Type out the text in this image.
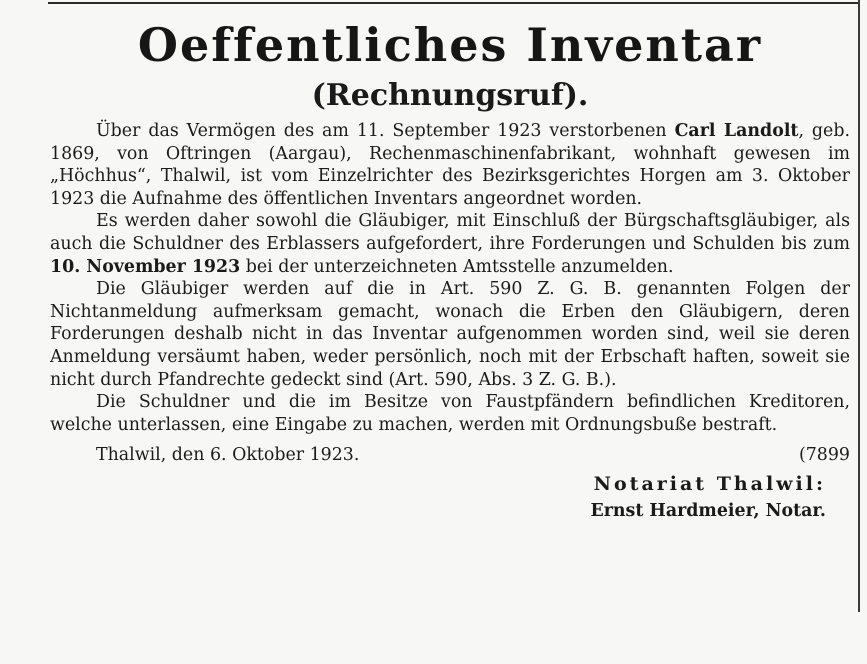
Oeffentliches Inventar
(Rechnungsruf).

Über das Vermögen des am 11. September 1923 verstorbenen Carl Landolt, geb. 1869, von Oftringen (Aargau), Rechenmaschinenfabrikant, wohnhaft gewesen im „Höchhus“, Thalwil, ist vom Einzelrichter des Bezirksgerichtes Horgen am 3. Oktober 1923 die Aufnahme des öffentlichen Inventars angeordnet worden.

Es werden daher sowohl die Gläubiger, mit Einschluß der Bürgschaftsgläubiger, als auch die Schuldner des Erblassers aufgefordert, ihre Forderungen und Schulden bis zum 10. November 1923 bei der unterzeichneten Amtsstelle anzumelden.

Die Gläubiger werden auf die in Art. 590 Z. G. B. genannten Folgen der Nichtanmeldung aufmerksam gemacht, wonach die Erben den Gläubigern, deren Forderungen deshalb nicht in das Inventar aufgenommen worden sind, weil sie deren Anmeldung versäumt haben, weder persönlich, noch mit der Erbschaft haften, soweit sie nicht durch Pfandrechte gedeckt sind (Art. 590, Abs. 3 Z. G. B.).

Die Schuldner und die im Besitze von Faustpfändern befindlichen Kreditoren, welche unterlassen, eine Eingabe zu machen, werden mit Ordnungsbuße bestraft.

Thalwil, den 6. Oktober 1923.	(7899
Notariat Thalwil:
Ernst Hardmeier, Notar.
